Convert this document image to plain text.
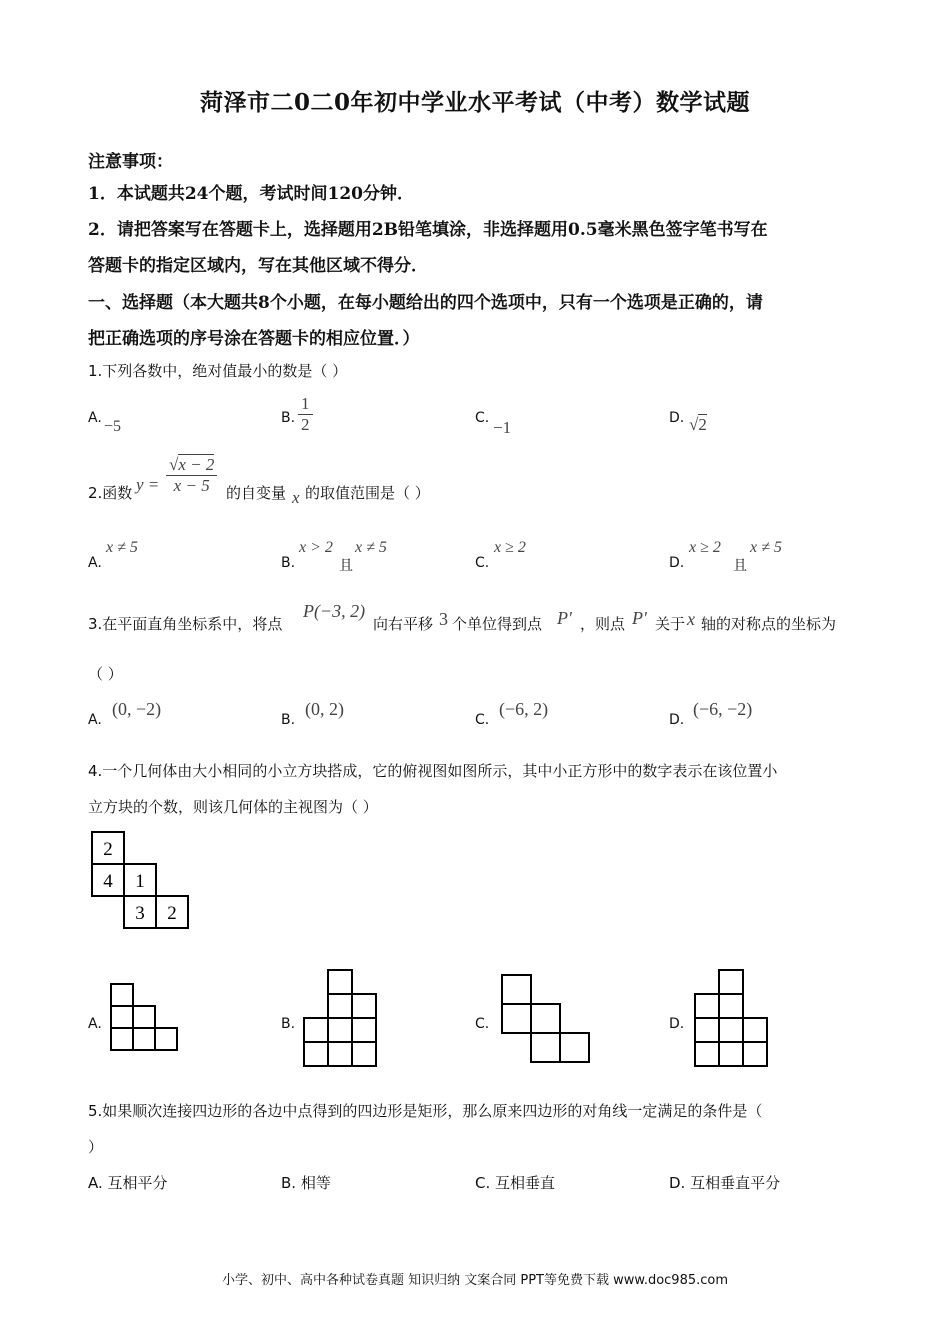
菏泽市二0二0年初中学业水平考试（中考）数学试题
注意事项：
1．本试题共24个题，考试时间120分钟．
2．请把答案写在答题卡上，选择题用2B铅笔填涂，非选择题用0.5毫米黑色签字笔书写在
答题卡的指定区域内，写在其他区域不得分．
一、选择题（本大题共8个小题，在每小题给出的四个选项中，只有一个选项是正确的，请
把正确选项的序号涂在答题卡的相应位置．）
1.下列各数中，绝对值最小的数是（ ）
A. −5	B. $\frac{1}{2}$	C. −1	D. √2
2.函数 $y = \frac{√x - 2}{x - 5}$ 的自变量 x 的取值范围是（ ）
A.
x ≠ 5
B.
x > 2
且
x ≠ 5
C.
x ≥ 2
D.
x ≥ 2
且
x ≠ 5
3.在平面直角坐标系中，将点
P(−3, 2)
向右平移 3 个单位得到点 P′ ，则点 P′ 关于 x 轴的对称点的坐标为
（ ）
A.
(0, −2)
B.
(0, 2)
C.
(−6, 2)
D.
(−6, −2)
4.一个几何体由大小相同的小立方块搭成，它的俯视图如图所示，其中小正方形中的数字表示在该位置小
立方块的个数，则该几何体的主视图为（ ）
2
4 1
3 2
A.	B.	C.	D.
5.如果顺次连接四边形的各边中点得到的四边形是矩形，那么原来四边形的对角线一定满足的条件是（
）
A. 互相平分	B. 相等	C. 互相垂直	D. 互相垂直平分
小学、初中、高中各种试卷真题 知识归纳 文案合同 PPT等免费下载 www.doc985.com
